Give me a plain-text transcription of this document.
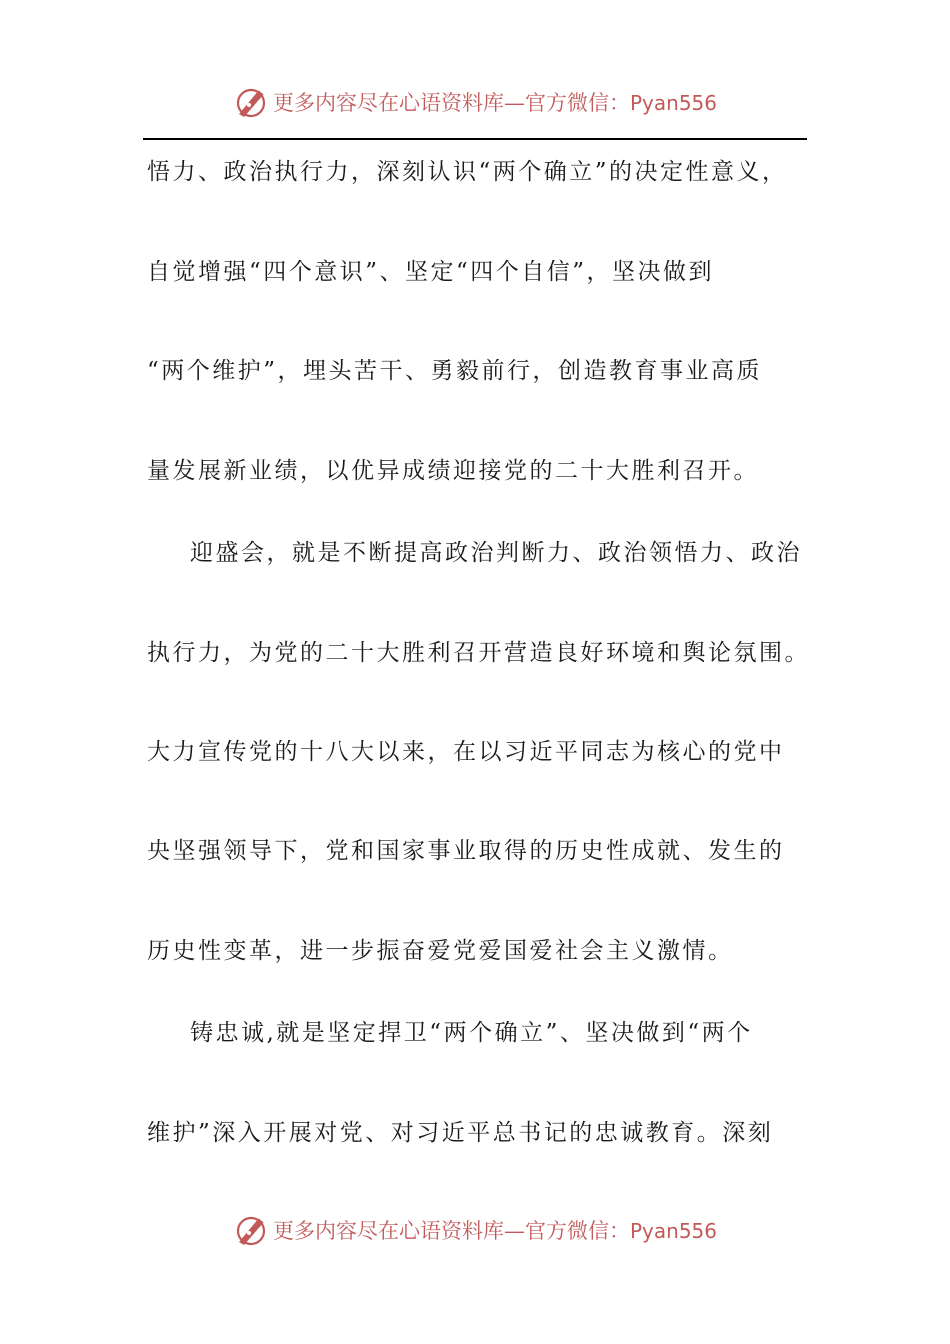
更多内容尽在心语资料库—官方微信：Pyan556
悟力、政治执行力，深刻认识“两个确立”的决定性意义，
自觉增强“四个意识”、坚定“四个自信”，坚决做到
“两个维护”，埋头苦干、勇毅前行，创造教育事业高质
量发展新业绩，以优异成绩迎接党的二十大胜利召开。
迎盛会，就是不断提高政治判断力、政治领悟力、政治
执行力，为党的二十大胜利召开营造良好环境和舆论氛围。
大力宣传党的十八大以来，在以习近平同志为核心的党中
央坚强领导下，党和国家事业取得的历史性成就、发生的
历史性变革，进一步振奋爱党爱国爱社会主义激情。
铸忠诚,就是坚定捍卫“两个确立”、坚决做到“两个
维护”深入开展对党、对习近平总书记的忠诚教育。深刻
更多内容尽在心语资料库—官方微信：Pyan556
